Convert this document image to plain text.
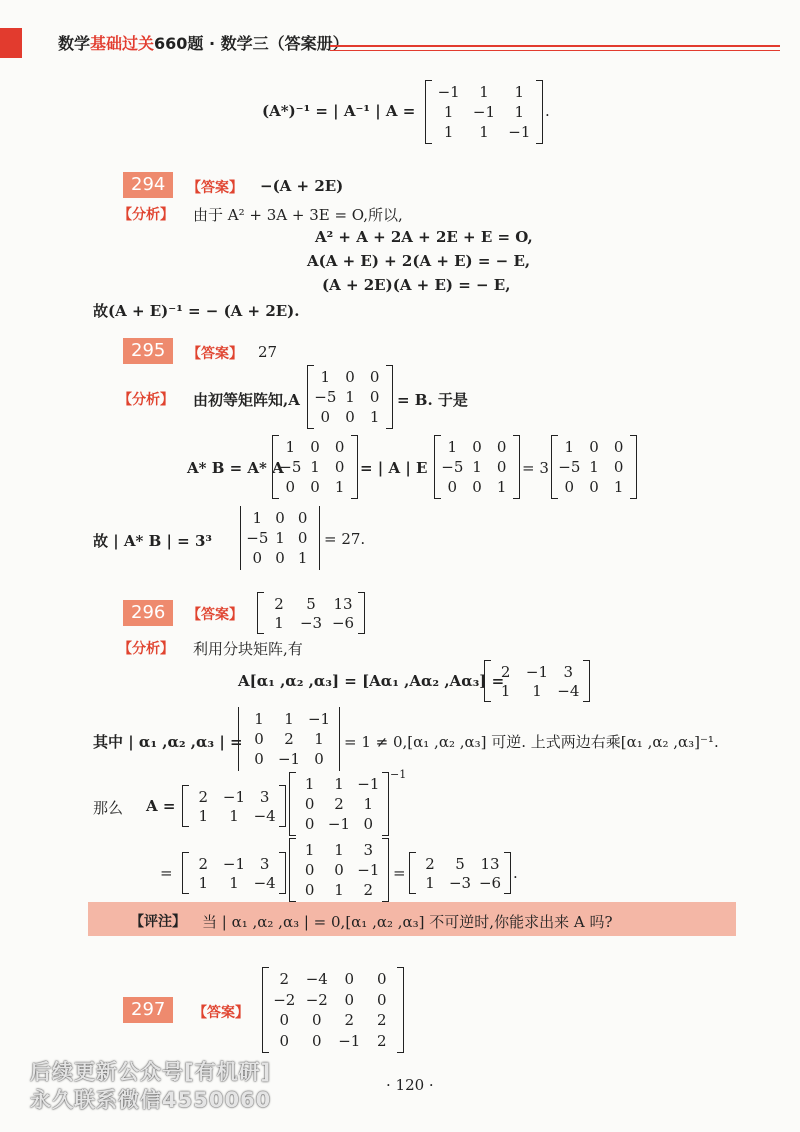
数学基础过关660题 · 数学三（答案册）
(A*)⁻¹ = | A⁻¹ | A =
−1	1	1
1	−1	1
1	1	−1
.
294	【答案】 −(A + 2E)
【分析】 由于 A² + 3A + 3E = O,所以,
A² + A + 2A + 2E + E = O,
A(A + E) + 2(A + E) = − E,
(A + 2E)(A + E) = − E,
故(A + E)⁻¹ = − (A + 2E).
295	【答案】 27
【分析】 由初等矩阵知,A
1	0	0
−5 1	0
0	0	1
= B. 于是
A* B = A* A
1	0	0
−5 1	0
0	0	1
= | A | E
1	0	0
−5 1	0
0	0	1
= 3
1	0	0
−5 1	0
0	0	1
故 | A* B | = 3³
1 0 0
−5 1 0
0 0 1
= 27.
296	【答案】
2	5	13
1	−3 −6
【分析】 利用分块矩阵,有
A[α₁ ,α₂ ,α₃] = [Aα₁ ,Aα₂ ,Aα₃] =
2	−1	3
1	1	−4
其中 | α₁ ,α₂ ,α₃ | =
1	1 −1
0	2	1
0 −1 0
= 1 ≠ 0,[α₁ ,α₂ ,α₃] 可逆. 上式两边右乘[α₁ ,α₂ ,α₃]⁻¹.
那么 A =
2 −1 3
1	1 −4
1	1 −1
0	2	1
0 −1 0
−1
=
2 −1 3
1	1 −4
1	1	3
0	0 −1
0	1	2
=
2	5	13
1 −3 −6
.
【评注】 当 | α₁ ,α₂ ,α₃ | = 0,[α₁ ,α₂ ,α₃] 不可逆时,你能求出来 A 吗?
297	【答案】
2	−4	0	0
−2 −2	0	0
0	0	2	2
0	0	−1	2
· 120 ·
后续更新公众号[有机研]
永久联系微信4550060
